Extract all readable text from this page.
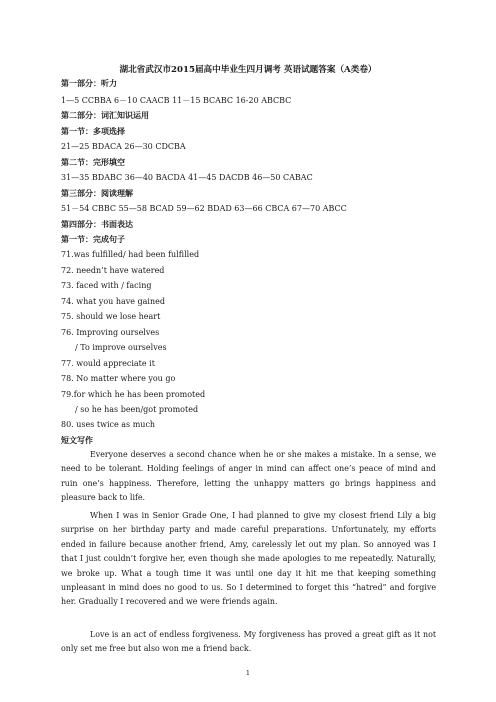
湖北省武汉市2015届高中毕业生四月调考 英语试题答案（A类卷）
第一部分：听力
1—5 CCBBA 6－10 CAACB 11－15 BCABC 16-20 ABCBC
第二部分：词汇知识运用
第一节：多项选择
21—25 BDACA 26—30 CDCBA
第二节：完形填空
31—35 BDABC 36—40 BACDA 41—45 DACDB 46—50 CABAC
第三部分：阅读理解
51－54 CBBC 55—58 BCAD 59—62 BDAD 63—66 CBCA 67—70 ABCC
第四部分：书面表达
第一节：完成句子
71.was fulfilled/ had been fulfilled
72. needn’t have watered
73. faced with / facing
74. what you have gained
75. should we lose heart
76. Improving ourselves
/ To improve ourselves
77. would appreciate it
78. No matter where you go
79.for which he has been promoted
/ so he has been/got promoted
80. uses twice as much
短文写作
Everyone deserves a second chance when he or she makes a mistake. In a sense, we need to be tolerant. Holding feelings of anger in mind can affect one’s peace of mind and ruin one’s happiness. Therefore, letting the unhappy matters go brings happiness and pleasure back to life.
When I was in Senior Grade One, I had planned to give my closest friend Lily a big surprise on her birthday party and made careful preparations. Unfortunately, my efforts ended in failure because another friend, Amy, carelessly let out my plan. So annoyed was I that I just couldn’t forgive her, even though she made apologies to me repeatedly. Naturally, we broke up. What a tough time it was until one day it hit me that keeping something unpleasant in mind does no good to us. So I determined to forget this “hatred” and forgive her. Gradually I recovered and we were friends again.
Love is an act of endless forgiveness. My forgiveness has proved a great gift as it not only set me free but also won me a friend back.
1
